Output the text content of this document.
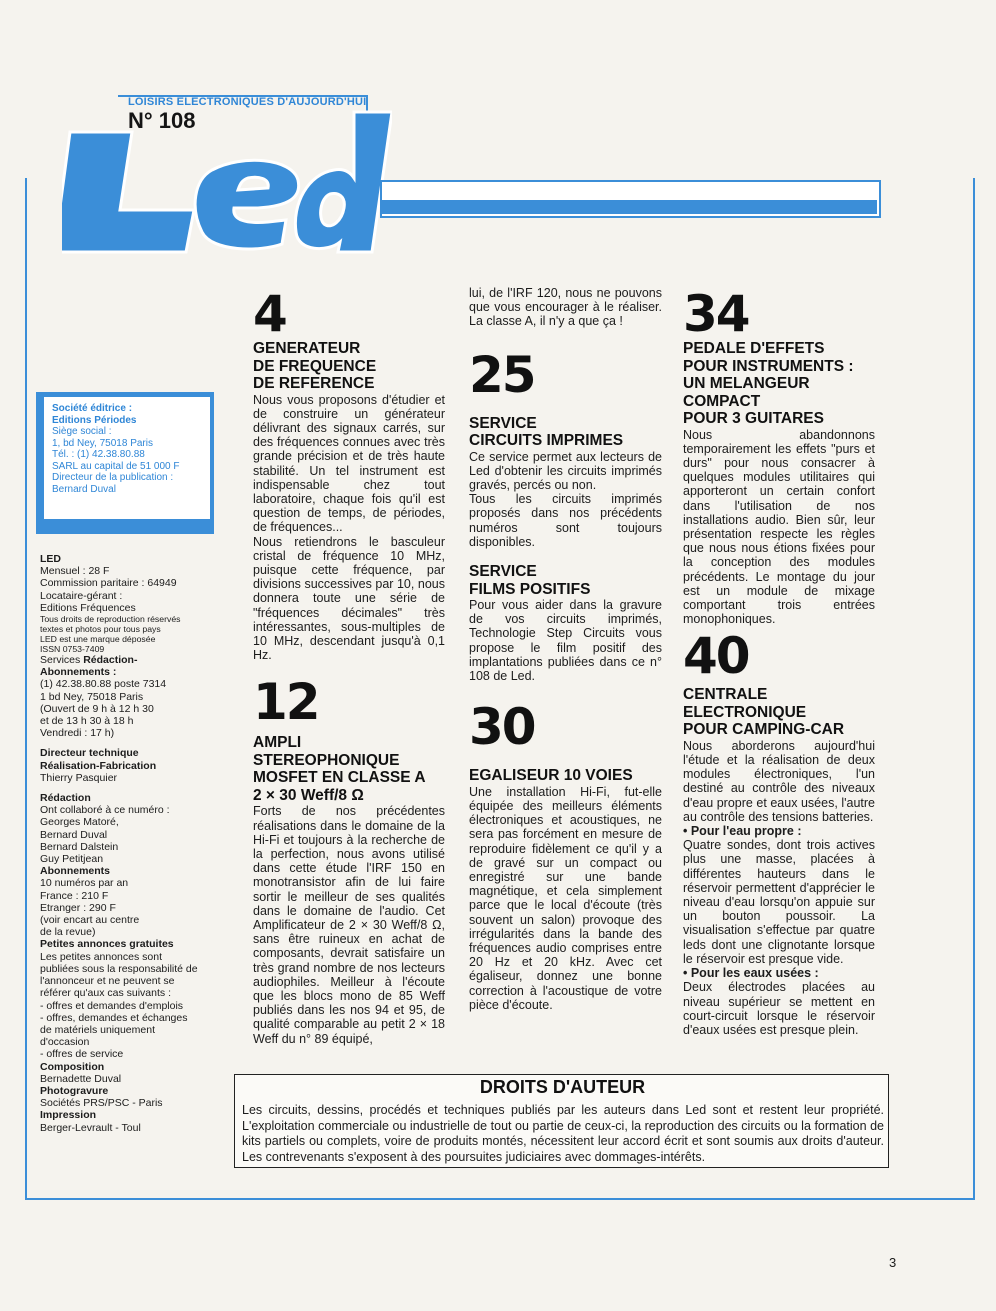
LOISIRS ELECTRONIQUES D'AUJOURD'HUI
N° 108
Led
Société éditrice :
Editions Périodes
Siège social :
1, bd Ney, 75018 Paris
Tél. : (1) 42.38.80.88
SARL au capital de 51 000 F
Directeur de la publication :
Bernard Duval
LED
Mensuel : 28 F
Commission paritaire : 64949
Locataire-gérant :
Editions Fréquences
Tous droits de reproduction réservés
textes et photos pour tous pays
LED est une marque déposée
ISSN 0753-7409
Services Rédaction-
Abonnements :
(1) 42.38.80.88 poste 7314
1 bd Ney, 75018 Paris
(Ouvert de 9 h à 12 h 30
et de 13 h 30 à 18 h
Vendredi : 17 h)
Directeur technique
Réalisation-Fabrication
Thierry Pasquier
Rédaction
Ont collaboré à ce numéro :
Georges Matoré,
Bernard Duval
Bernard Dalstein
Guy Petitjean
Abonnements
10 numéros par an
France : 210 F
Etranger : 290 F
(voir encart au centre
de la revue)
Petites annonces gratuites
Les petites annonces sont
publiées sous la responsabilité de
l'annonceur et ne peuvent se
référer qu'aux cas suivants :
- offres et demandes d'emplois
- offres, demandes et échanges
de matériels uniquement
d'occasion
- offres de service
Composition
Bernadette Duval
Photogravure
Sociétés PRS/PSC - Paris
Impression
Berger-Levrault - Toul
4
GENERATEUR
DE FREQUENCE
DE REFERENCE

Nous vous proposons d'étudier et de construire un générateur délivrant des signaux carrés, sur des fréquences connues avec très grande précision et de très haute stabilité. Un tel instrument est indispensable chez tout laboratoire, chaque fois qu'il est question de temps, de périodes, de fréquences...

Nous retiendrons le basculeur cristal de fréquence 10 MHz, puisque cette fréquence, par divisions successives par 10, nous donnera toute une série de "fréquences décimales" très intéressantes, sous-multiples de 10 MHz, descendant jusqu'à 0,1 Hz.

12
AMPLI
STEREOPHONIQUE
MOSFET EN CLASSE A
2 × 30 Weff/8 Ω

Forts de nos précédentes réalisations dans le domaine de la Hi-Fi et toujours à la recherche de la perfection, nous avons utilisé dans cette étude l'IRF 150 en monotransistor afin de lui faire sortir le meilleur de ses qualités dans le domaine de l'audio. Cet Amplificateur de 2 × 30 Weff/8 Ω, sans être ruineux en achat de composants, devrait satisfaire un très grand nombre de nos lecteurs audiophiles. Meilleur à l'écoute que les blocs mono de 85 Weff publiés dans les nos 94 et 95, de qualité comparable au petit 2 × 18 Weff du n° 89 équipé,

lui, de l'IRF 120, nous ne pouvons que vous encourager à le réaliser. La classe A, il n'y a que ça !

25
SERVICE
CIRCUITS IMPRIMES

Ce service permet aux lecteurs de Led d'obtenir les circuits imprimés gravés, percés ou non.

Tous les circuits imprimés proposés dans nos précédents numéros sont toujours disponibles.

SERVICE
FILMS POSITIFS

Pour vous aider dans la gravure de vos circuits imprimés, Technologie Step Circuits vous propose le film positif des implantations publiées dans ce n° 108 de Led.

30
EGALISEUR 10 VOIES

Une installation Hi-Fi, fut-elle équipée des meilleurs éléments électroniques et acoustiques, ne sera pas forcément en mesure de reproduire fidèlement ce qu'il y a de gravé sur un compact ou enregistré sur une bande magnétique, et cela simplement parce que le local d'écoute (très souvent un salon) provoque des irrégularités dans la bande des fréquences audio comprises entre 20 Hz et 20 kHz. Avec cet égaliseur, donnez une bonne correction à l'acoustique de votre pièce d'écoute.

34
PEDALE D'EFFETS
POUR INSTRUMENTS :
UN MELANGEUR
COMPACT
POUR 3 GUITARES

Nous abandonnons temporairement les effets "purs et durs" pour nous consacrer à quelques modules utilitaires qui apporteront un certain confort dans l'utilisation de nos installations audio. Bien sûr, leur présentation respecte les règles que nous nous étions fixées pour la conception des modules précédents. Le montage du jour est un module de mixage comportant trois entrées monophoniques.

40
CENTRALE
ELECTRONIQUE
POUR CAMPING-CAR

Nous aborderons aujourd'hui l'étude et la réalisation de deux modules électroniques, l'un destiné au contrôle des niveaux d'eau propre et eaux usées, l'autre au contrôle des tensions batteries.

• Pour l'eau propre :

Quatre sondes, dont trois actives plus une masse, placées à différentes hauteurs dans le réservoir permettent d'apprécier le niveau d'eau lorsqu'on appuie sur un bouton poussoir. La visualisation s'effectue par quatre leds dont une clignotante lorsque le réservoir est presque vide.

• Pour les eaux usées :

Deux électrodes placées au niveau supérieur se mettent en court-circuit lorsque le réservoir d'eaux usées est presque plein.

DROITS D'AUTEUR
Les circuits, dessins, procédés et techniques publiés par les auteurs dans Led sont et restent leur propriété. L'exploitation commerciale ou industrielle de tout ou partie de ceux-ci, la reproduction des circuits ou la formation de kits partiels ou complets, voire de produits montés, nécessitent leur accord écrit et sont soumis aux droits d'auteur. Les contrevenants s'exposent à des poursuites judiciaires avec dommages-intérêts.
3
